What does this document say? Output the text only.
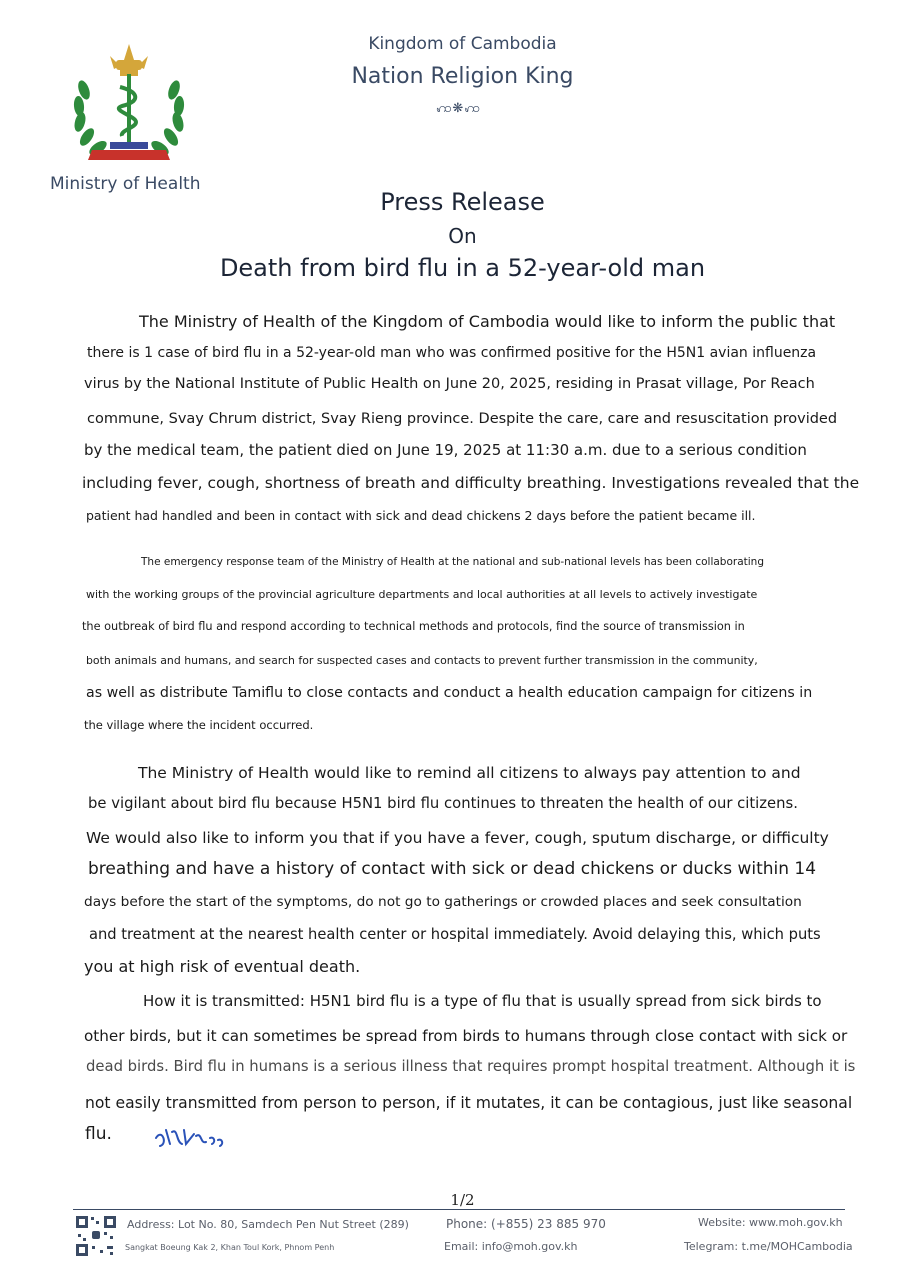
Ministry of Health
Kingdom of Cambodia
Nation Religion King
ꩲ❋ꩲ
Press Release
On
Death from bird flu in a 52-year-old man
The Ministry of Health of the Kingdom of Cambodia would like to inform the public that
there is 1 case of bird flu in a 52-year-old man who was confirmed positive for the H5N1 avian influenza
virus by the National Institute of Public Health on June 20, 2025, residing in Prasat village, Por Reach
commune, Svay Chrum district, Svay Rieng province. Despite the care, care and resuscitation provided
by the medical team, the patient died on June 19, 2025 at 11:30 a.m. due to a serious condition
including fever, cough, shortness of breath and difficulty breathing. Investigations revealed that the
patient had handled and been in contact with sick and dead chickens 2 days before the patient became ill.
The emergency response team of the Ministry of Health at the national and sub-national levels has been collaborating
with the working groups of the provincial agriculture departments and local authorities at all levels to actively investigate
the outbreak of bird flu and respond according to technical methods and protocols, find the source of transmission in
both animals and humans, and search for suspected cases and contacts to prevent further transmission in the community,
as well as distribute Tamiflu to close contacts and conduct a health education campaign for citizens in
the village where the incident occurred.
The Ministry of Health would like to remind all citizens to always pay attention to and
be vigilant about bird flu because H5N1 bird flu continues to threaten the health of our citizens.
We would also like to inform you that if you have a fever, cough, sputum discharge, or difficulty
breathing and have a history of contact with sick or dead chickens or ducks within 14
days before the start of the symptoms, do not go to gatherings or crowded places and seek consultation
and treatment at the nearest health center or hospital immediately. Avoid delaying this, which puts
you at high risk of eventual death.
How it is transmitted: H5N1 bird flu is a type of flu that is usually spread from sick birds to
other birds, but it can sometimes be spread from birds to humans through close contact with sick or
dead birds. Bird flu in humans is a serious illness that requires prompt hospital treatment. Although it is
not easily transmitted from person to person, if it mutates, it can be contagious, just like seasonal
flu.
1/2
Address: Lot No. 80, Samdech Pen Nut Street (289)
Sangkat Boeung Kak 2, Khan Toul Kork, Phnom Penh
Phone: (+855) 23 885 970
Email: info@moh.gov.kh
Website: www.moh.gov.kh
Telegram: t.me/MOHCambodia
